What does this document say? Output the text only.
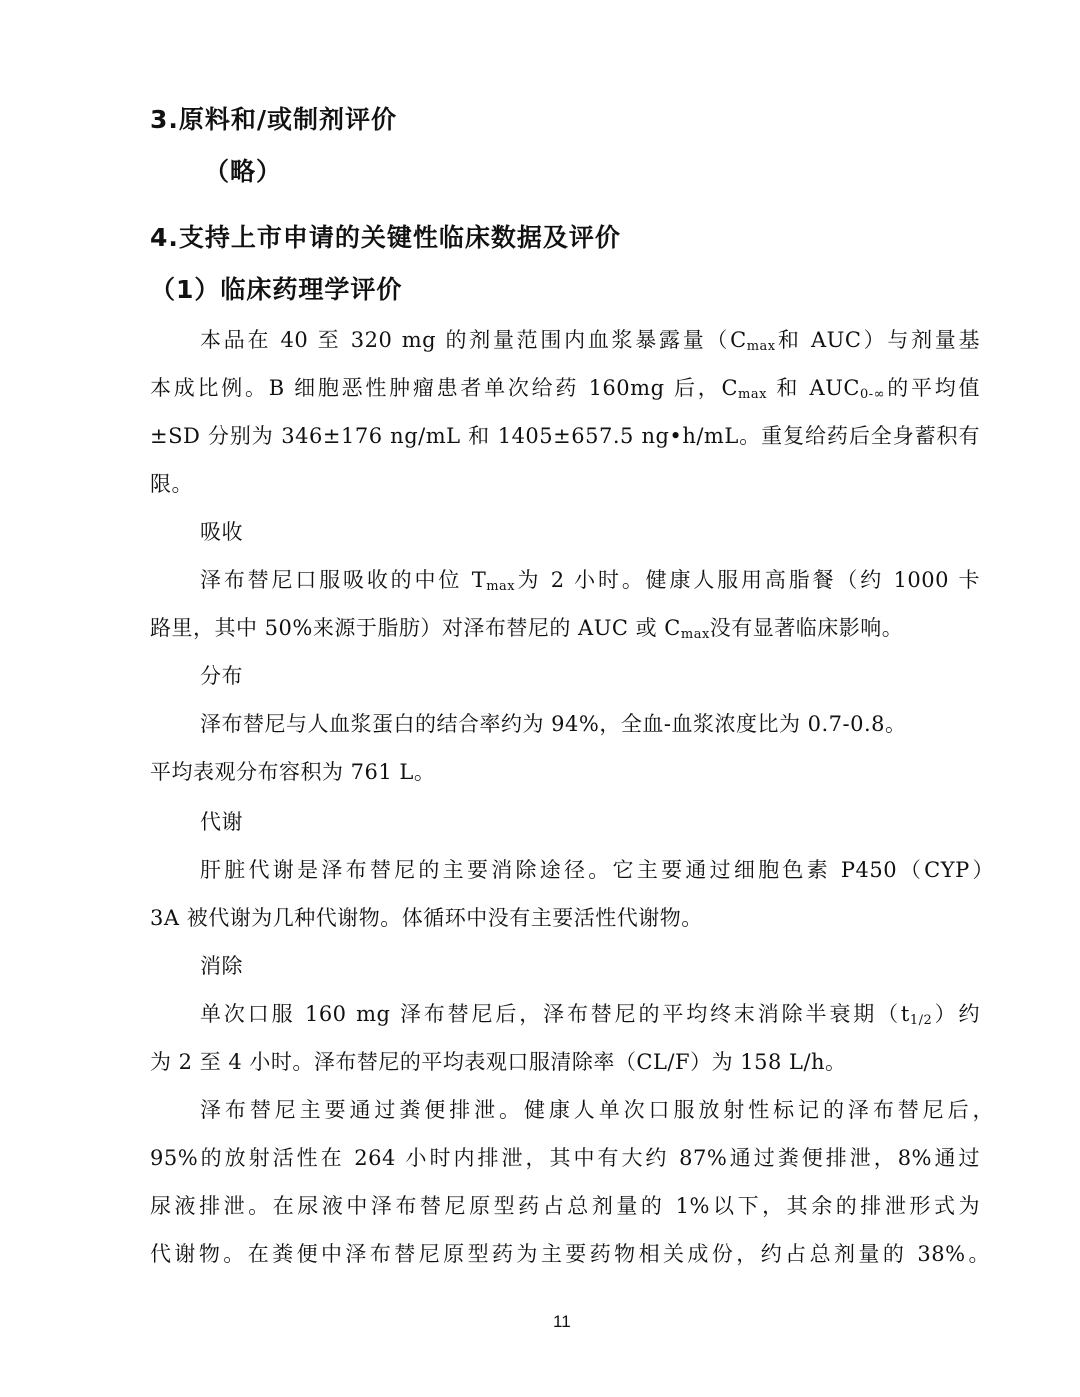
3.原料和/或制剂评价
（略）
4.支持上市申请的关键性临床数据及评价
（1）临床药理学评价
本品在 40 至 320 mg 的剂量范围内血浆暴露量（$C_{max}$和 AUC）与剂量基
本成比例。B 细胞恶性肿瘤患者单次给药 160mg 后，$C_{max}$ 和 $AUC_{0-\infty}$的平均值
±SD 分别为 346±176 ng/mL 和 1405±657.5 ng•h/mL。重复给药后全身蓄积有
限。
吸收
泽布替尼口服吸收的中位 $T_{max}$为 2 小时。健康人服用高脂餐（约 1000 卡
路里，其中 50%来源于脂肪）对泽布替尼的 AUC 或 $C_{max}$没有显著临床影响。
分布
泽布替尼与人血浆蛋白的结合率约为 94%，全血-血浆浓度比为 0.7-0.8。
平均表观分布容积为 761 L。
代谢
肝脏代谢是泽布替尼的主要消除途径。它主要通过细胞色素 P450（CYP）
3A 被代谢为几种代谢物。体循环中没有主要活性代谢物。
消除
单次口服 160 mg 泽布替尼后，泽布替尼的平均终末消除半衰期$(t_{1/2})$约
为 2 至 4 小时。泽布替尼的平均表观口服清除率（CL/F）为 158 L/h。
泽布替尼主要通过粪便排泄。健康人单次口服放射性标记的泽布替尼后，
95%的放射活性在 264 小时内排泄，其中有大约 87%通过粪便排泄，8%通过
尿液排泄。在尿液中泽布替尼原型药占总剂量的 1%以下，其余的排泄形式为
代谢物。在粪便中泽布替尼原型药为主要药物相关成份，约占总剂量的 38%。
11
